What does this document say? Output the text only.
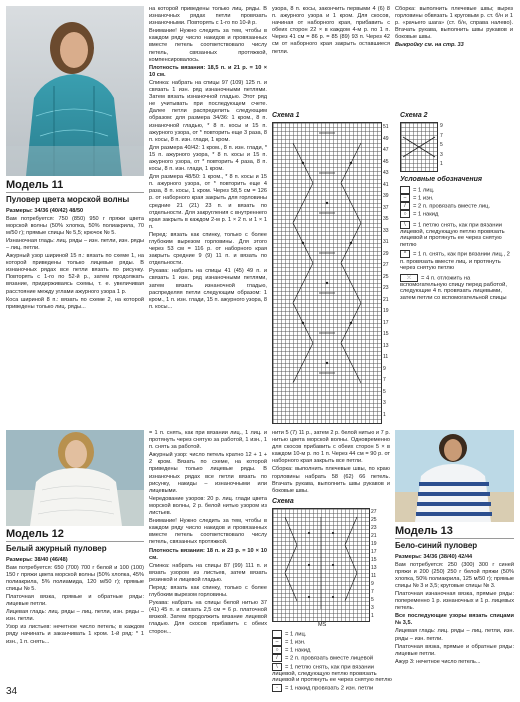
Модель 11
Пуловер цвета морской волны

Размеры: 34/36 (40/42) 48/50

Вам потребуется: 750 (850) 950 г пряжи цвета морской волны (50% хлопка, 50% полиакрила, 70 м/50 г); прямые спицы № 5,5; крючок № 5.

Изнаночная гладь: лиц. ряды – изн. петли, изн. ряды – лиц. петли.

Ажурный узор шириной 15 п.: вязать по схеме 1, на которой приведены только лицевые ряды. В изнаночных рядах все петли вязать по рисунку. Повторять с 1-го по 52-й р., затем продолжать вязание, придерживаясь схемы, т. е. увеличивая расстояние между углами ажурного узора 1 р.

Коса шириной 8 п.: вязать по схеме 2, на которой приведены только лиц. ряды...

на которой приведены только лиц. ряды. В изнаночных рядах петли провязать изнаночными. Повторять с 1-го по 10-й р.

Внимание! Нужно следить за тем, чтобы в каждом ряду число накидов и провязанных вместе петель соответствовало числу петель, связанных протяжкой, компенсировалось.

Плотность вязания: 18,5 п. и 21 р. = 10 × 10 см.

Спинка: набрать на спицы 97 (109) 125 п. и связать 1 изн. ряд изнаночными петлями. Затем вязать изнаночной гладью. Этот ряд не учитывать при последующем счете. Далее петли распределить следующим образом: для размера 34/36: 1 кром., 8 п. изнаночной гладью, * 8 п. косы и 15 п. ажурного узора, от * повторить еще 3 раза, 8 п. косы, 8 п. изн. глади, 1 кром.

Для размера 40/42: 1 кром., 8 п. изн. глади, * 15 п. ажурного узора, * 8 п. косы и 15 п. ажурного узора, от * повторить 4 раза, 8 п. косы, 8 п. изн. глади, 1 кром.

Для размера 48/50: 1 кром., * 8 п. косы и 15 п. ажурного узора, от * повторить еще 4 раза, 8 п. косы, 1 кром. Через 58,5 см = 126 р. от наборного края закрыть для горловины средние 21 (21) 23 п. и вязать по отдельности. Для закругления с внутреннего края закрыть в каждом 2-м р. 1 × 2 п. и 1 × 1 п.

Перед: вязать как спинку, только с более глубоким вырезом горловины. Для этого через 53 см = 116 р. от наборного края закрыть средние 9 (9) 11 п. и вязать по отдельности.

Рукава: набрать на спицы 41 (45) 49 п. и связать 1 изн. ряд изнаночными петлями, затем вязать изнаночной гладью, распределяя петли следующим образом: 1 кром., 1 п. изн. глади, 15 п. ажурного узора, 8 п. косы...

узора, 8 п. косы, закончить первыми 4 (6) 8 п. ажурного узора и 1 кром. Для скосов, начиная от наборного края, прибавить с обеих сторон 22 × в каждом 4-м р. по 1 п. Через 41 см = 86 р. = 85 (89) 93 п. Через 42 см от наборного края закрыть оставшиеся петли.

Сборка: выполнить плечевые швы; вырез горловины обвязать 1 круговым р. ст. б/н и 1 р. «рачьего шага» (ст. б/н, справа налево). Втачать рукава, выполнить швы рукавов и боковые швы.

Выкройку см. на стр. 33

Схема 1
51
49
47
45
43
41
39
37
35
33
31
29
27
25
23
21
19
17
15
13
11
9
7
5
3
1
Схема 2
9
7
5
3
1
Условные обозначения
= 1 лиц.
– = 1 изн.
/ = 2 п. провязать вместе лиц.
○ = 1 накид
\ = 1 петлю снять, как при вязании лицевой, следующую петлю провязать лицевой и протянуть ее через снятую петлю
^ = 1 п. снять, как при вязании лиц., 2 п. провязать вместе лиц. и протянуть через снятую петлю
⤫ = 4 п. отложить на вспомогательную спицу перед работой, следующие 4 п. провязать лицевыми, затем петли со вспомогательной спицы
Модель 12
Белый ажурный пуловер

Размеры: 38/40 (46/48)

Вам потребуется: 650 (700) 700 г белой и 100 (100) 150 г пряжи цвета морской волны (50% хлопка, 45% полиакрила, 5% полиамида, 120 м/50 г); прямые спицы № 5.

Платочная вязка, прямые и обратные ряды: лицевые петли.

Лицевая гладь: лиц. ряды – лиц. петли, изн. ряды – изн. петли.

Узор из листьев: нечетное число петель; в каждом ряду начинать и заканчивать 1 кром. 1-й ряд: * 1 изн., 1 п. снять...

= 1 п. снять, как при вязании лиц., 1 лиц. и протянуть через снятую за работой, 1 изн., 1 п. снять за работой.

Ажурный узор: число петель кратно 12 + 1 + 2 кром. Вязать по схеме, на которой приведены только лицевые ряды. В изнаночных рядах все петли вязать по рисунку, накиды – изнаночными или лицевыми.

Чередование узоров: 20 р. лиц. глади цвета морской волны, 2 р. белой нитью узором из листьев.

Внимание! Нужно следить за тем, чтобы в каждом ряду число накидов и провязанных вместе петель соответствовало числу петель, связанных протяжкой.

Плотность вязания: 18 п. и 23 р. = 10 × 10 см.

Спинка: набрать на спицы 87 (99) 111 п. и вязать узором из листьев, затем вязать резинкой и лицевой гладью.

Перед: вязать как спинку, только с более глубоким вырезом горловины.

Рукава: набрать на спицы белой нитью 37 (41) 45 п. и связать 2,5 см = 6 р. платочной вязкой. Затем продолжить вязание лицевой гладью. Для скосов прибавить с обеих сторон...

нити 5 (7) 11 р., затем 2 р. белой нитью и 7 р. нитью цвета морской волны. Одновременно для скосов прибавить с обеих сторон 5 × в каждом 10-м р. по 1 п. Через 44 см = 90 р. от наборного края закрыть все петли.

Сборка: выполнить плечевые швы, по краю горловины набрать 58 (62) 66 петель. Втачать рукава, выполнить швы рукавов и боковые швы.

Схема
27
25
23
21
19
17
15
13
11
9
7
5
3
1
MS
= 1 лиц.
– = 1 изн.
○ = 1 накид
/ = 2 п. провязать вместе лицевой
\ = 1 петлю снять, как при вязании лицевой, следующую петлю провязать лицевой и протянуть ее через снятую петлю
◦ = 1 накид провязать 2 изн. петли
Модель 13
Бело-синий пуловер

Размеры: 34/36 (38/40) 42/44

Вам потребуется: 250 (300) 300 г синей пряжи и 200 (250) 250 г белой пряжи (50% хлопка, 50% полиакрила, 125 м/50 г); прямые спицы № 3 и 3,5; круговые спицы № 3.

Платочная изнаночная вязка, прямые ряды: попеременно 1 р. изнаночных и 1 р. лицевых петель.

Все последующие узоры вязать спицами № 3,5.

Лицевая гладь: лиц. ряды – лиц. петли, изн. ряды – изн. петли.

Платочная вязка, прямые и обратные ряды: лицевые петли.

Ажур 3: нечетное число петель...

34
